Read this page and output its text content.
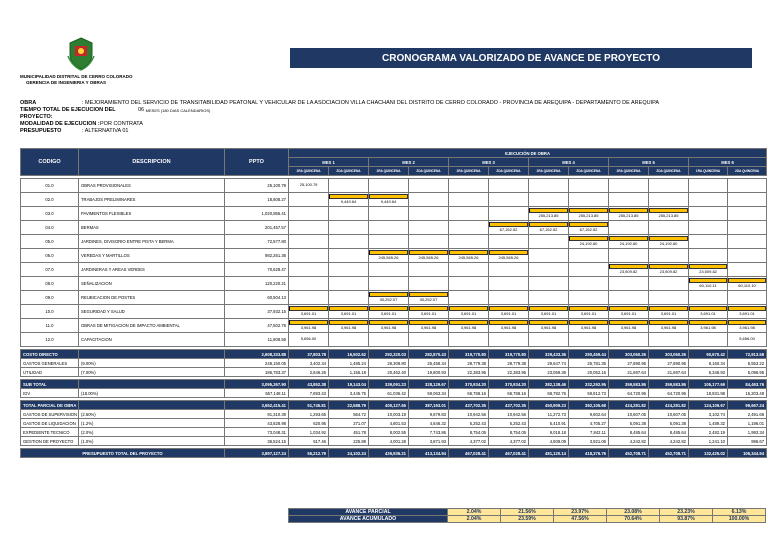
CRONOGRAMA VALORIZADO DE AVANCE DE PROYECTO
MUNICIPALIDAD DISTRITAL DE CERRO COLORADO
GERENCIA DE INGENIERIA Y OBRAS
OBRA	: MEJORAMIENTO DEL SERVICIO DE TRANSITABILIDAD PEATONAL Y VEHICULAR DE LA ASOCIACION VILLA CHACHANI DEL DISTRITO DE CERRO COLORADO - PROVINCIA DE AREQUIPA - DEPARTAMENTO DE AREQUIPA
TIEMPO TOTAL DE EJECUCION DEL PROYECTO:
06
MESES (180 DIAS CALENDARIOS)
MODALIDAD DE EJECUCION : POR CONTRATA
PRESUPUESTO	: ALTERNATIVA 01
CODIGO	DESCRIPCION	PPTO	EJECUCIÓN DE OBRA											
			MES 1		MES 2		MES 3		MES 4		MES 5		MES 6	
			1RA QUINCENA	2DA QUINCENA	1RA QUINCENA	2DA QUINCENA	1RA QUINCENA	2DA QUINCENA	1RA QUINCENA	2DA QUINCENA	1RA QUINCENA	2DA QUINCENA	1RA QUINCENA	2DA QUINCENA

01.0	OBRAS PROVISIONALES	25,100.79	25,100.79											

02.0	TRABAJOS PRELIMINARES	18,808.27		9,449.64	9,449.64									

03.0	PAVIMENTOS FLEXIBLES	1,020,855.41							255,213.85	255,213.85	255,213.85	255,213.85		

04.0	BERMAS	201,457.57						67,152.52	67,152.52	67,152.52				

05.0	JARDINES, DIVISORIO ENTRE PISTA Y BERMA	72,577.80								24,192.60	24,192.60	24,192.60		

06.0	VEREDAS Y MARTILLOS	982,261.36			245,565.26	245,565.26	245,565.26	245,565.26						

07.0	JARDINERAS Y AREAS VERDES	70,628.47									23,509.82	23,509.82	23,509.82	

08.0	SEÑALIZACION	120,220.21											60,110.11	60,110.10

09.0	REUBICACION DE POSTES	60,504.13			30,252.07	30,252.07								

10.0	SEGURIDAD Y SALUD	37,932.15	3,691.01	3,691.01	3,691.01	3,691.01	3,691.01	3,691.01	3,691.01	3,691.01	3,691.01	3,691.01	3,691.01	3,691.01

11.0	OBRAS DE MITIGACION DE IMPACTO AMBIENTAL	47,502.76	3,961.98	3,961.98	3,961.98	3,961.98	3,961.98	3,961.98	3,961.98	3,961.98	3,961.98	3,961.98	3,961.98	3,961.98

12.0	CAPACITACION	11,808.56	5,656.00											5,656.00

COSTO DIRECTO		2,608,333.88	37,803.78	16,502.62	292,320.03	282,870.43	319,770.80	319,770.80	329,433.36	290,459.44	303,060.26	303,060.26	90,670.42	72,913.58
GASTOS GENERALES	(9.00%)	248,150.05	3,402.34	1,485.24	26,308.80	25,458.34	28,779.38	28,779.38	29,647.74	25,781.35	27,890.96	27,890.96	8,160.34	6,553.22
UTILIDAD	(7.00%)	186,783.37	2,646.26	1,155.18	20,462.40	19,800.93	22,383.96	22,383.96	23,059.36	20,052.16	21,697.64	21,697.64	6,346.93	5,096.95

SUB TOTAL		3,095,267.90	43,852.38	19,143.04	339,091.23	328,129.67	370,934.20	370,934.20	382,138.46	332,292.95	359,583.86	359,583.86	105,177.69	84,463.76
IGV	(18.00%)	557,148.11	7,893.43	3,445.75	61,036.42	59,063.34	66,768.16	66,768.16	68,782.76	59,812.73	64,720.96	64,720.96	18,931.98	15,203.48

TOTAL PARCIAL DE OBRA		3,652,415.41	51,745.81	22,588.79	400,127.65	387,193.01	437,702.35	437,702.35	450,909.23	392,105.68	424,281.82	424,281.82	124,109.67	99,667.24
GASTOS DE SUPERVISION	(2.50%)	91,310.39	1,293.65	564.72	10,003.19	9,679.83	10,942.56	10,942.56	11,272.73	9,802.64	10,607.05	10,607.05	3,102.74	2,491.68
GASTOS DE LIQUIDACION	(1.2%)	43,828.98	620.95	271.07	4,801.53	4,646.32	5,252.43	5,252.43	5,410.91	4,705.27	5,091.38	5,091.38	1,489.32	1,196.01
EXPEDIENTE TECNICO	(2.0%)	73,048.31	1,034.92	451.78	8,002.55	7,743.86	8,754.05	8,754.05	9,018.18	7,842.11	8,485.64	8,485.64	2,482.19	1,993.34
GESTION DE PROYECTO	(1.0%)	36,524.15	517.46	225.89	4,001.28	3,871.93	4,377.02	4,377.02	4,509.09	3,921.06	4,242.82	4,242.82	1,241.10	996.67

PRESUPUESTO TOTAL DEL PROYECTO		3,897,127.24	55,212.79	24,102.24	426,936.21	413,134.94	467,028.41	467,028.41	481,120.14	418,376.76	452,708.71	452,708.71	132,425.02	106,344.94
AVANCE PARCIAL	2.04%	21.56%	23.97%	23.08%	23.23%	6.13%
AVANCE ACUMULADO	2.04%	23.59%	47.56%	70.64%	93.87%	100.00%
